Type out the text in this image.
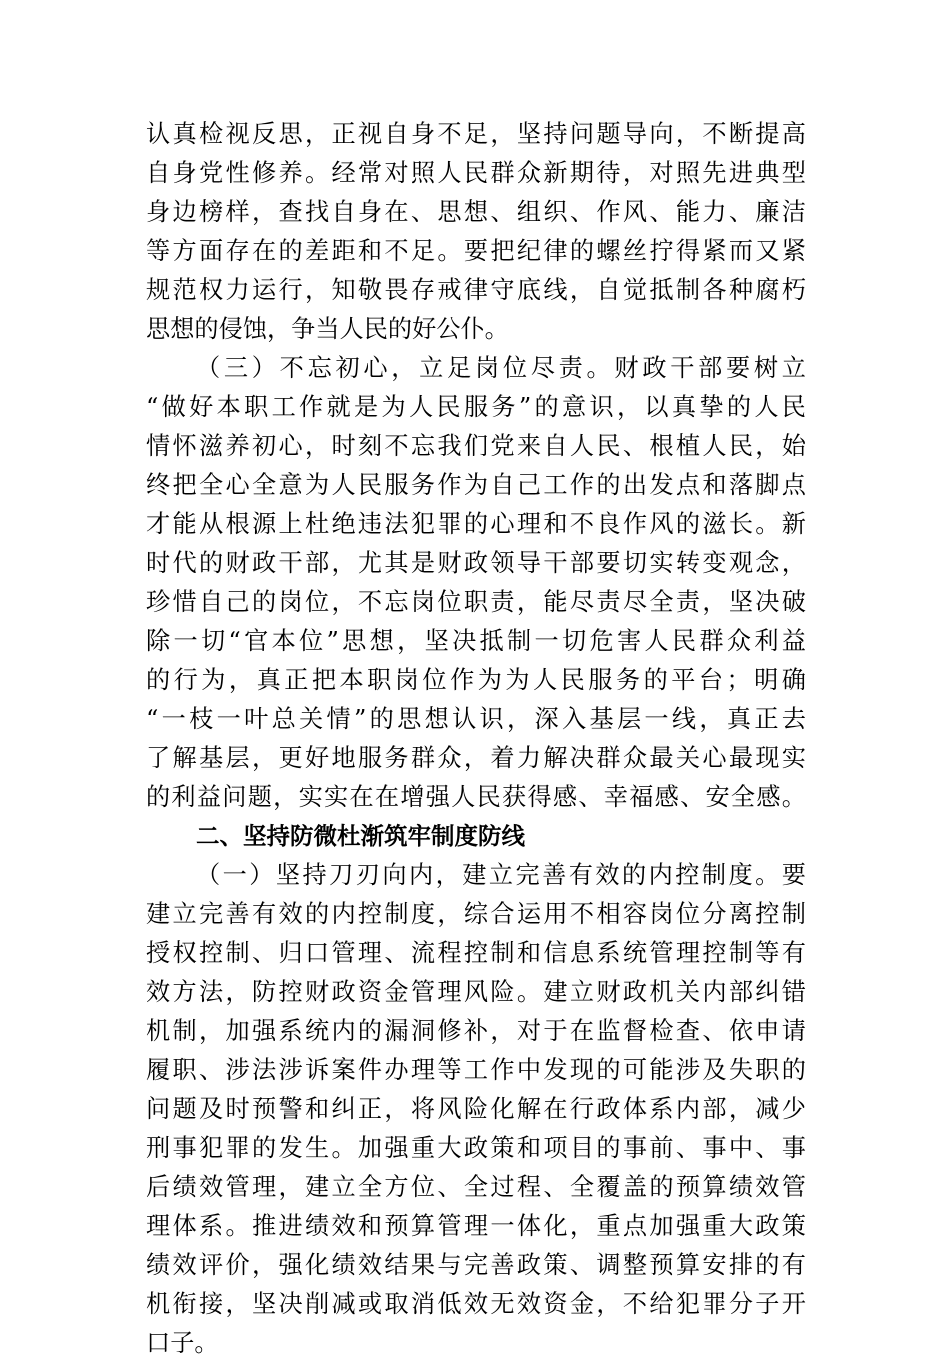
认真检视反思，正视自身不足，坚持问题导向，不断提高
自身党性修养。经常对照人民群众新期待，对照先进典型
身边榜样，查找自身在、思想、组织、作风、能力、廉洁
等方面存在的差距和不足。要把纪律的螺丝拧得紧而又紧
规范权力运行，知敬畏存戒律守底线，自觉抵制各种腐朽
思想的侵蚀，争当人民的好公仆。
（三）不忘初心，立足岗位尽责。财政干部要树立
“做好本职工作就是为人民服务”的意识，以真挚的人民
情怀滋养初心，时刻不忘我们党来自人民、根植人民，始
终把全心全意为人民服务作为自己工作的出发点和落脚点
才能从根源上杜绝违法犯罪的心理和不良作风的滋长。新
时代的财政干部，尤其是财政领导干部要切实转变观念，
珍惜自己的岗位，不忘岗位职责，能尽责尽全责，坚决破
除一切“官本位”思想，坚决抵制一切危害人民群众利益
的行为，真正把本职岗位作为为人民服务的平台；明确
“一枝一叶总关情”的思想认识，深入基层一线，真正去
了解基层，更好地服务群众，着力解决群众最关心最现实
的利益问题，实实在在增强人民获得感、幸福感、安全感。
二、坚持防微杜渐筑牢制度防线
（一）坚持刀刃向内，建立完善有效的内控制度。要
建立完善有效的内控制度，综合运用不相容岗位分离控制
授权控制、归口管理、流程控制和信息系统管理控制等有
效方法，防控财政资金管理风险。建立财政机关内部纠错
机制，加强系统内的漏洞修补，对于在监督检查、依申请
履职、涉法涉诉案件办理等工作中发现的可能涉及失职的
问题及时预警和纠正，将风险化解在行政体系内部，减少
刑事犯罪的发生。加强重大政策和项目的事前、事中、事
后绩效管理，建立全方位、全过程、全覆盖的预算绩效管
理体系。推进绩效和预算管理一体化，重点加强重大政策
绩效评价，强化绩效结果与完善政策、调整预算安排的有
机衔接，坚决削减或取消低效无效资金，不给犯罪分子开
口子。
